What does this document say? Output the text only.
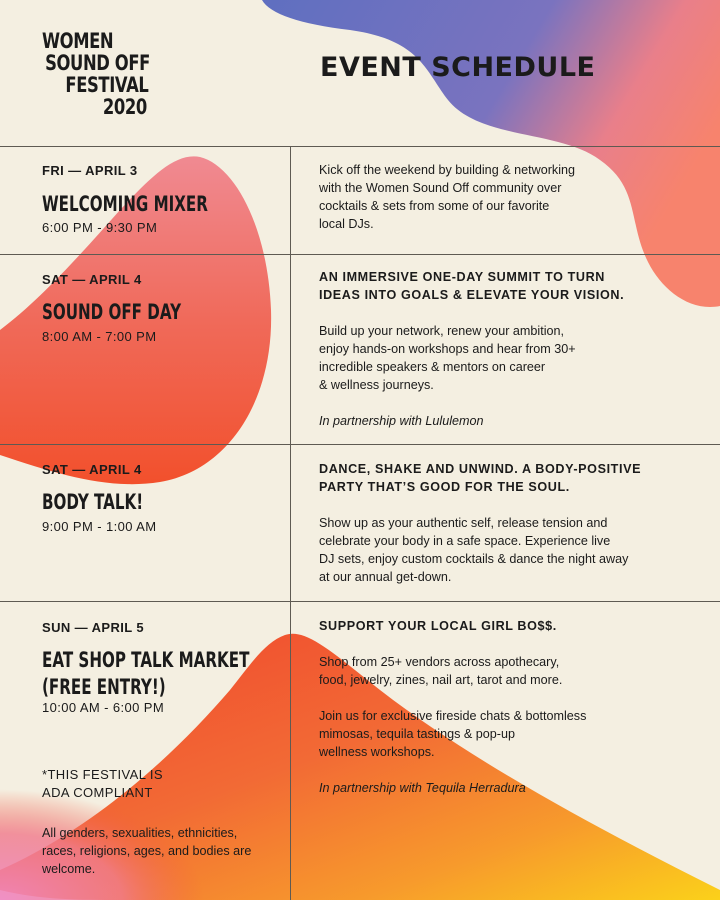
WOMEN
SOUND OFF
FESTIVAL
2020
EVENT SCHEDULE
FRI — APRIL 3
WELCOMING MIXER
6:00 PM - 9:30 PM

Kick off the weekend by building & networking

with the Women Sound Off community over

cocktails & sets from some of our favorite

local DJs.

SAT — APRIL 4
SOUND OFF DAY
8:00 AM - 7:00 PM

AN IMMERSIVE ONE-DAY SUMMIT TO TURN

IDEAS INTO GOALS & ELEVATE YOUR VISION.

Build up your network, renew your ambition,

enjoy hands-on workshops and hear from 30+

incredible speakers & mentors on career

& wellness journeys.

In partnership with Lululemon

SAT — APRIL 4
BODY TALK!
9:00 PM - 1:00 AM

DANCE, SHAKE AND UNWIND. A BODY-POSITIVE

PARTY THAT’S GOOD FOR THE SOUL.

Show up as your authentic self, release tension and

celebrate your body in a safe space. Experience live

DJ sets, enjoy custom cocktails & dance the night away

at our annual get-down.

SUN — APRIL 5
EAT SHOP TALK MARKET
(FREE ENTRY!)
10:00 AM - 6:00 PM

SUPPORT YOUR LOCAL GIRL BO$$.

Shop from 25+ vendors across apothecary,

food, jewelry, zines, nail art, tarot and more.

Join us for exclusive fireside chats & bottomless

mimosas, tequila tastings & pop-up

wellness workshops.

In partnership with Tequila Herradura

*THIS FESTIVAL IS

ADA COMPLIANT

All genders, sexualities, ethnicities,

races, religions, ages, and bodies are

welcome.
